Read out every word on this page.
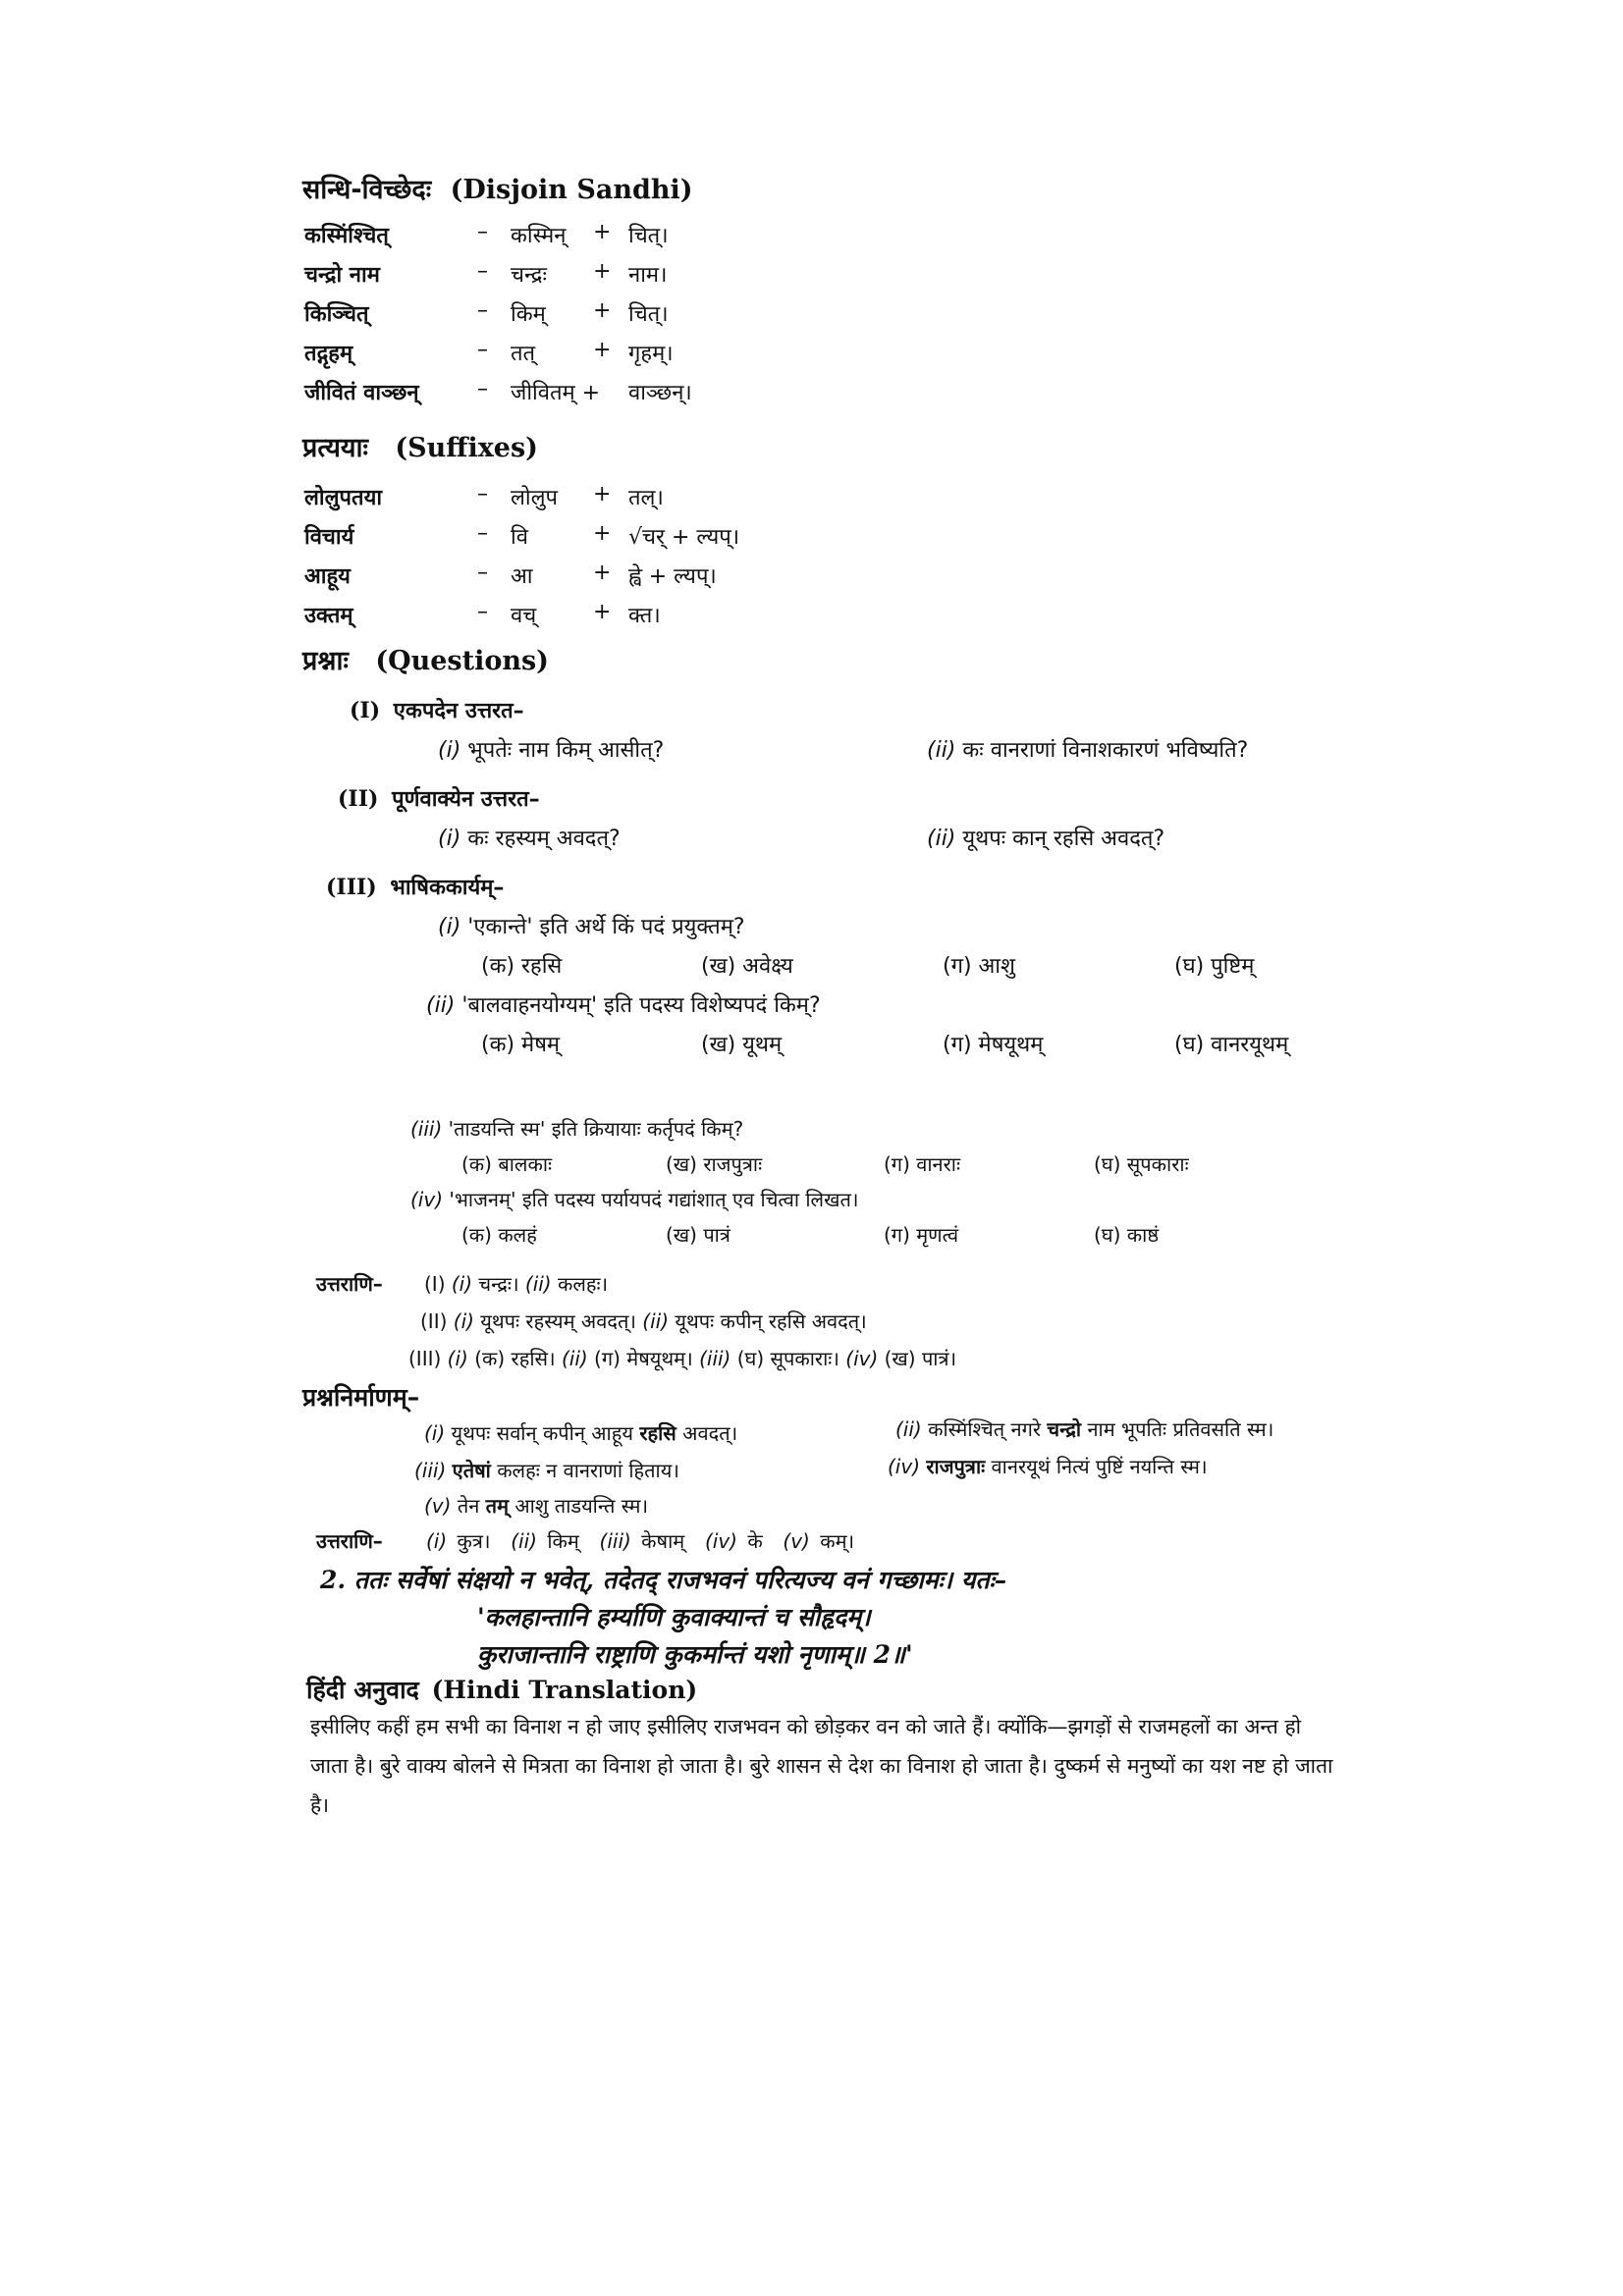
सन्धि-विच्छेदः (Disjoin Sandhi)
कस्मिंश्चित्	– कस्मिन् + चित्।
चन्द्रो नाम	– चन्द्रः + नाम।
किञ्चित्	– किम् + चित्।
तद्गृहम्	– तत्	+ गृहम्।
जीवितं वाञ्छन्	– जीवितम् + वाञ्छन्।
प्रत्ययाः (Suffixes)
लोलुपतया	– लोलुप + तल्।
विचार्य	– वि	+ √चर् + ल्यप्।
आहूय	– आ	+ ह्वे + ल्यप्।
उक्तम्	– वच्	+ क्त।
प्रश्नाः (Questions)
(I) एकपदेन उत्तरत–
(i) भूपतेः नाम किम् आसीत्?	(ii) कः वानराणां विनाशकारणं भविष्यति?
(II) पूर्णवाक्येन उत्तरत–
(i) कः रहस्यम् अवदत्?	(ii) यूथपः कान् रहसि अवदत्?
(III) भाषिककार्यम्–
(i) 'एकान्ते' इति अर्थे किं पदं प्रयुक्तम्?
(क) रहसि	(ख) अवेक्ष्य	(ग) आशु	(घ) पुष्टिम्
(ii) 'बालवाहनयोग्यम्' इति पदस्य विशेष्यपदं किम्?
(क) मेषम्	(ख) यूथम्	(ग) मेषयूथम्	(घ) वानरयूथम्
(iii) 'ताडयन्ति स्म' इति क्रियायाः कर्तृपदं किम्?
(क) बालकाः	(ख) राजपुत्राः	(ग) वानराः	(घ) सूपकाराः
(iv) 'भाजनम्' इति पदस्य पर्यायपदं गद्यांशात् एव चित्वा लिखत।
(क) कलहं	(ख) पात्रं	(ग) मृणत्वं	(घ) काष्ठं
उत्तराणि– (I) (i) चन्द्रः। (ii) कलहः।
(II) (i) यूथपः रहस्यम् अवदत्। (ii) यूथपः कपीन् रहसि अवदत्।
(III) (i) (क) रहसि। (ii) (ग) मेषयूथम्। (iii) (घ) सूपकाराः। (iv) (ख) पात्रं।
प्रश्ननिर्माणम्–
(i) यूथपः सर्वान् कपीन् आहूय रहसि अवदत्।	(ii) कस्मिंश्चित् नगरे चन्द्रो नाम भूपतिः प्रतिवसति स्म।
(iii) एतेषां कलहः न वानराणां हिताय।	(iv) राजपुत्राः वानरयूथं नित्यं पुष्टिं नयन्ति स्म।
(v) तेन तम् आशु ताडयन्ति स्म।
उत्तराणि– (i) कुत्र। (ii) किम् (iii) केषाम् (iv) के (v) कम्।
2. ततः सर्वेषां संक्षयो न भवेत्, तदेतद् राजभवनं परित्यज्य वनं गच्छामः। यतः–
'कलहान्तानि हर्म्याणि कुवाक्यान्तं च सौहृदम्।
कुराजान्तानि राष्ट्राणि कुकर्मान्तं यशो नृणाम्॥ 2॥'
हिंदी अनुवाद (Hindi Translation)
इसीलिए कहीं हम सभी का विनाश न हो जाए इसीलिए राजभवन को छोड़कर वन को जाते हैं। क्योंकि—झगड़ों से राजमहलों का अन्त हो जाता है। बुरे वाक्य बोलने से मित्रता का विनाश हो जाता है। बुरे शासन से देश का विनाश हो जाता है। दुष्कर्म से मनुष्यों का यश नष्ट हो जाता है।
